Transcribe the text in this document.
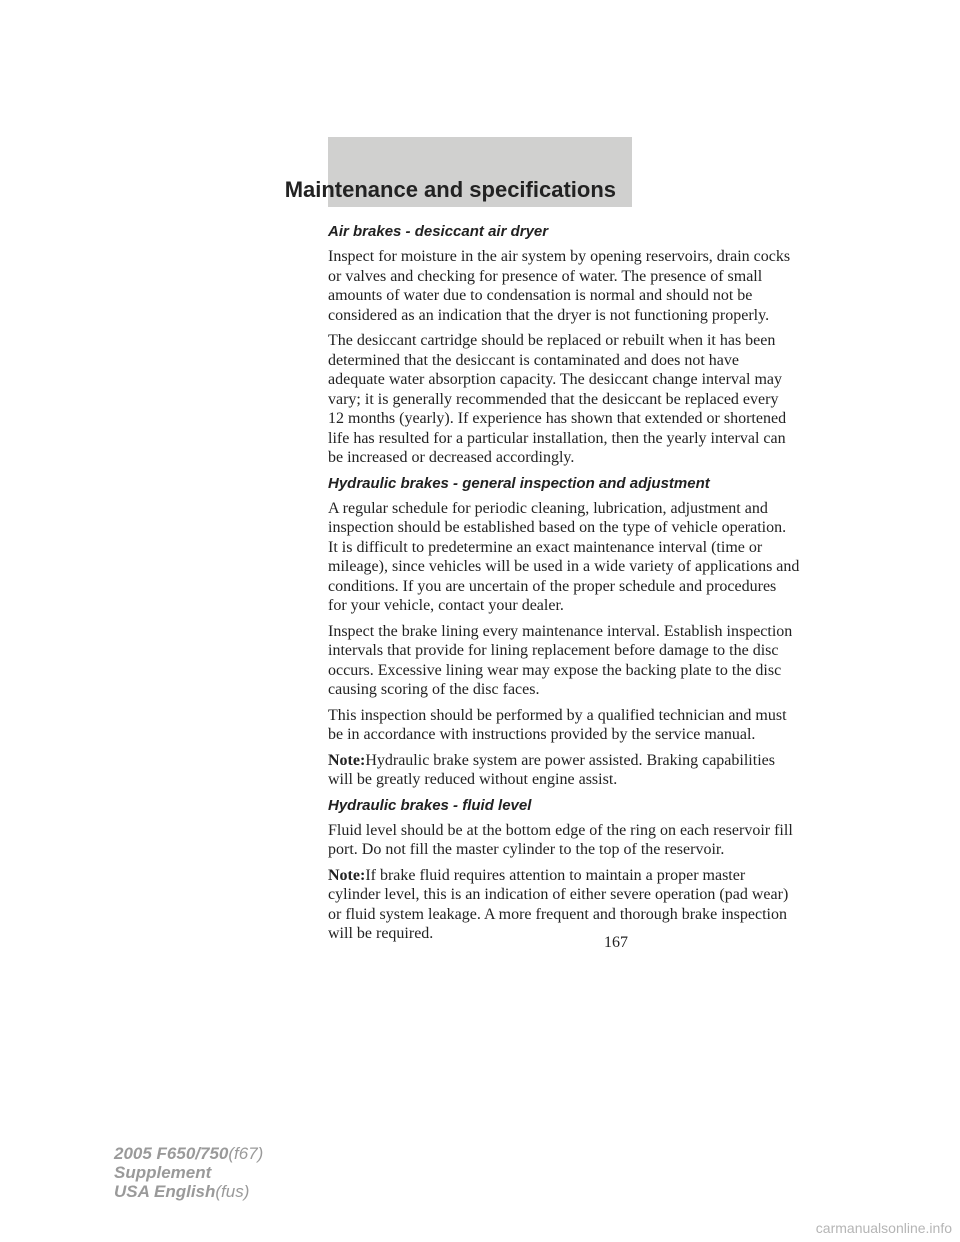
Maintenance and specifications
Air brakes - desiccant air dryer

Inspect for moisture in the air system by opening reservoirs, drain cocks
or valves and checking for presence of water. The presence of small
amounts of water due to condensation is normal and should not be
considered as an indication that the dryer is not functioning properly.

The desiccant cartridge should be replaced or rebuilt when it has been
determined that the desiccant is contaminated and does not have
adequate water absorption capacity. The desiccant change interval may
vary; it is generally recommended that the desiccant be replaced every
12 months (yearly). If experience has shown that extended or shortened
life has resulted for a particular installation, then the yearly interval can
be increased or decreased accordingly.

Hydraulic brakes - general inspection and adjustment

A regular schedule for periodic cleaning, lubrication, adjustment and
inspection should be established based on the type of vehicle operation.
It is difficult to predetermine an exact maintenance interval (time or
mileage), since vehicles will be used in a wide variety of applications and
conditions. If you are uncertain of the proper schedule and procedures
for your vehicle, contact your dealer.

Inspect the brake lining every maintenance interval. Establish inspection
intervals that provide for lining replacement before damage to the disc
occurs. Excessive lining wear may expose the backing plate to the disc
causing scoring of the disc faces.

This inspection should be performed by a qualified technician and must
be in accordance with instructions provided by the service manual.

Note:Hydraulic brake system are power assisted. Braking capabilities
will be greatly reduced without engine assist.

Hydraulic brakes - fluid level

Fluid level should be at the bottom edge of the ring on each reservoir fill
port. Do not fill the master cylinder to the top of the reservoir.

Note:If brake fluid requires attention to maintain a proper master
cylinder level, this is an indication of either severe operation (pad wear)
or fluid system leakage. A more frequent and thorough brake inspection
will be required.

167
2005 F650/750(f67)
Supplement
USA English(fus)
carmanualsonline.info
